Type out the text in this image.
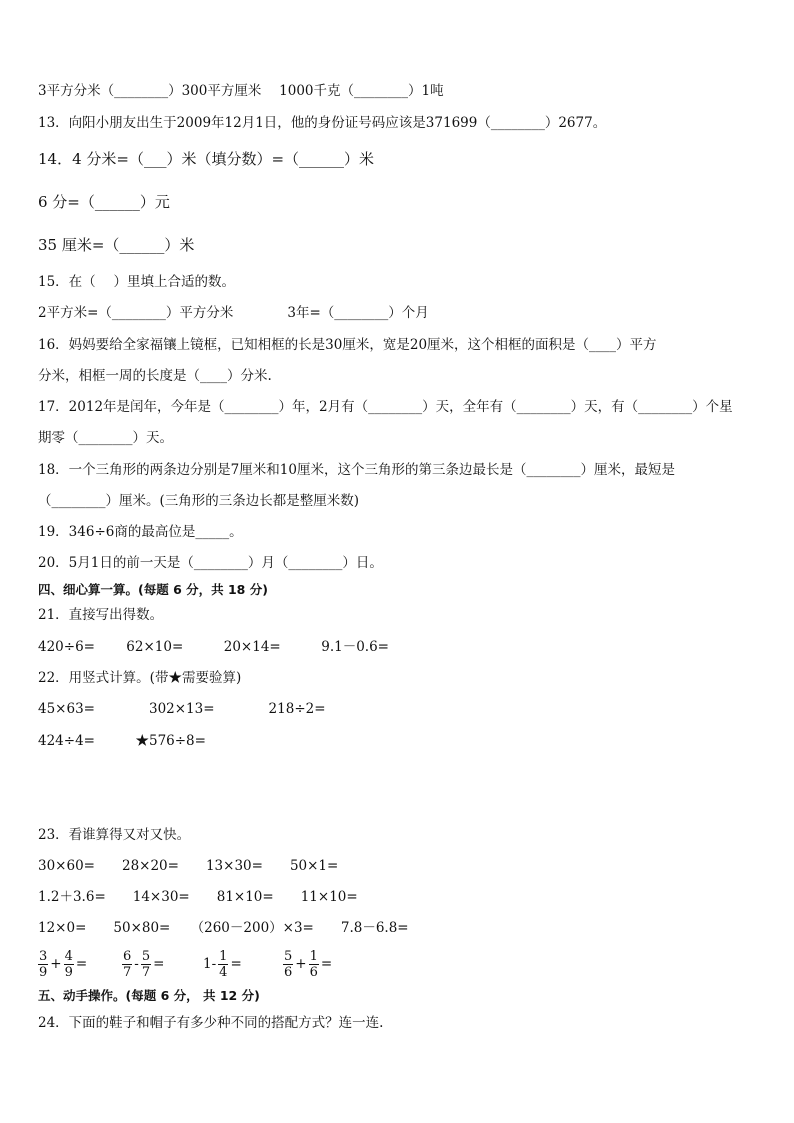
3平方分米（________）300平方厘米　 1000千克（________）1吨
13．向阳小朋友出生于2009年12月1日，他的身份证号码应该是371699（________）2677。
14．4 分米=（___）米（填分数）=（______）米
6 分=（______）元
35 厘米=（______）米
15．在（　 ）里填上合适的数。
2平方米=（________）平方分米　　　　3年=（________）个月
16．妈妈要给全家福镶上镜框，已知相框的长是30厘米，宽是20厘米，这个相框的面积是（____）平方
分米，相框一周的长度是（____）分米.
17．2012年是闰年，今年是（________）年，2月有（________）天，全年有（________）天，有（________）个星
期零（________）天。
18．一个三角形的两条边分别是7厘米和10厘米，这个三角形的第三条边最长是（________）厘米，最短是
（________）厘米。(三角形的三条边长都是整厘米数)
19．346÷6商的最高位是_____。
20．5月1日的前一天是（________）月（________）日。
四、细心算一算。(每题 6 分，共 18 分)
21．直接写出得数。
420÷6=　　 62×10=　　　20×14=　　　9.1－0.6=
22．用竖式计算。(带★需要验算)
45×63=　　　　302×13=　　　　218÷2=
424÷4=　　　★576÷8=
23．看谁算得又对又快。
30×60=　　28×20=　　13×30=　　50×1=
1.2＋3.6=　　14×30=　　81×10=　　11×10=
12×0=　　50×80=　　（260－200）×3=　　7.8－6.8=
$\frac{3}{9} + \frac{4}{9}$ =	$\frac{6}{7} - \frac{5}{7}$ =	$1- \frac{1}{4}$ =	$\frac{5}{6} + \frac{1}{6}$ =
五、动手操作。(每题 6 分， 共 12 分)
24．下面的鞋子和帽子有多少种不同的搭配方式？连一连.
